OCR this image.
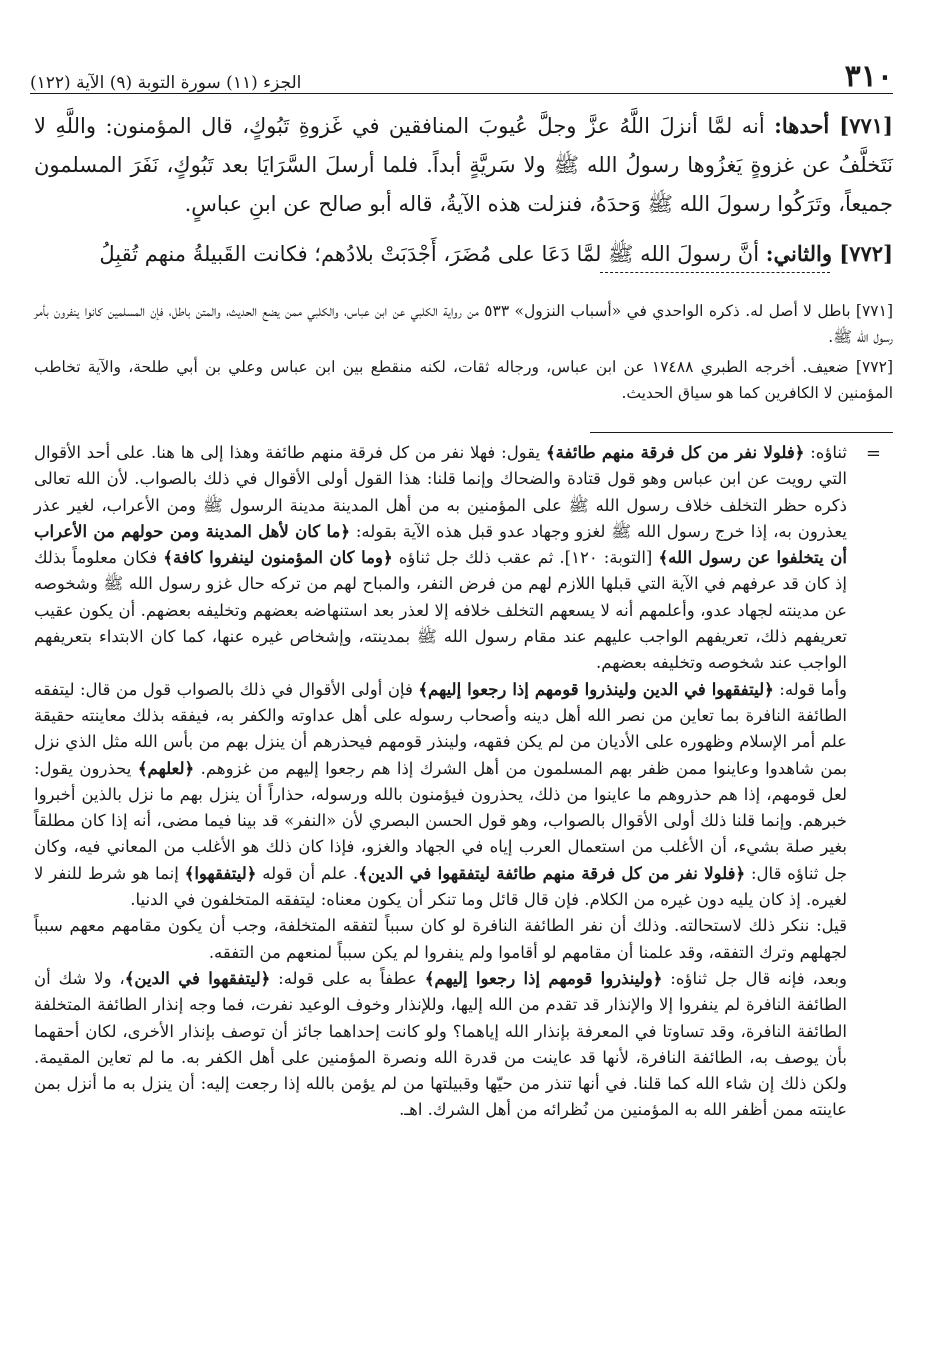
٣١٠
الجزء (١١) سورة التوبة (٩) الآية (١٢٢)

[٧٧١] أحدها: أنه لمَّا أنزلَ اللَّهُ عزَّ وجلَّ عُيوبَ المنافقين في غَزوةِ تَبُوكٍ، قال المؤمنون: واللَّهِ لا نَتَخلَّفُ عن غزوةٍ يَغزُوها رسولُ الله ﷺ ولا سَريَّةٍ أبداً. فلما أرسلَ السَّرَايَا بعد تَبُوكٍ، نَفَرَ المسلمون جميعاً، وتَرَكُوا رسولَ الله ﷺ وَحدَهُ، فنزلت هذه الآيةُ، قاله أبو صالح عن ابنِ عباسٍ.

[٧٧٢] والثاني: أنَّ رسولَ الله ﷺ لمَّا دَعَا على مُضَرَ، أَجْدَبَتْ بلادُهم؛ فكانت القَبيلةُ منهم تُقبِلُ

[٧٧١] باطل لا أصل له. ذكره الواحدي في «أسباب النزول» ٥٣٣ من رواية الكلبي عن ابن عباس، والكلبي ممن يضع الحديث، والمتن باطل، فإن المسلمين كانوا ينفرون بأمر رسول الله ﷺ.

[٧٧٢] ضعيف. أخرجه الطبري ١٧٤٨٨ عن ابن عباس، ورجاله ثقات، لكنه منقطع بين ابن عباس وعلي بن أبي طلحة، والآية تخاطب المؤمنين لا الكافرين كما هو سياق الحديث.

=

ثناؤه: ﴿فلولا نفر من كل فرقة منهم طائفة﴾ يقول: فهلا نفر من كل فرقة منهم طائفة وهذا إلى ها هنا. على أحد الأقوال التي رويت عن ابن عباس وهو قول قتادة والضحاك وإنما قلنا: هذا القول أولى الأقوال في ذلك بالصواب. لأن الله تعالى ذكره حظر التخلف خلاف رسول الله ﷺ على المؤمنين به من أهل المدينة مدينة الرسول ﷺ ومن الأعراب، لغير عذر يعذرون به، إذا خرج رسول الله ﷺ لغزو وجهاد عدو قبل هذه الآية بقوله: ﴿ما كان لأهل المدينة ومن حولهم من الأعراب أن يتخلفوا عن رسول الله﴾ [التوبة: ١٢٠]. ثم عقب ذلك جل ثناؤه ﴿وما كان المؤمنون لينفروا كافة﴾ فكان معلوماً بذلك إذ كان قد عرفهم في الآية التي قبلها اللازم لهم من فرض النفر، والمباح لهم من تركه حال غزو رسول الله ﷺ وشخوصه عن مدينته لجهاد عدو، وأعلمهم أنه لا يسعهم التخلف خلافه إلا لعذر بعد استنهاضه بعضهم وتخليفه بعضهم. أن يكون عقيب تعريفهم ذلك، تعريفهم الواجب عليهم عند مقام رسول الله ﷺ بمدينته، وإشخاص غيره عنها، كما كان الابتداء بتعريفهم الواجب عند شخوصه وتخليفه بعضهم.

وأما قوله: ﴿ليتفقهوا في الدين ولينذروا قومهم إذا رجعوا إليهم﴾ فإن أولى الأقوال في ذلك بالصواب قول من قال: ليتفقه الطائفة النافرة بما تعاين من نصر الله أهل دينه وأصحاب رسوله على أهل عداوته والكفر به، فيفقه بذلك معاينته حقيقة علم أمر الإسلام وظهوره على الأديان من لم يكن فقهه، ولينذر قومهم فيحذرهم أن ينزل بهم من بأس الله مثل الذي نزل بمن شاهدوا وعاينوا ممن ظفر بهم المسلمون من أهل الشرك إذا هم رجعوا إليهم من غزوهم. ﴿لعلهم﴾ يحذرون يقول: لعل قومهم، إذا هم حذروهم ما عاينوا من ذلك، يحذرون فيؤمنون بالله ورسوله، حذاراً أن ينزل بهم ما نزل بالذين أخبروا خبرهم. وإنما قلنا ذلك أولى الأقوال بالصواب، وهو قول الحسن البصري لأن «النفر» قد بينا فيما مضى، أنه إذا كان مطلقاً بغير صلة بشيء، أن الأغلب من استعمال العرب إياه في الجهاد والغزو، فإذا كان ذلك هو الأغلب من المعاني فيه، وكان جل ثناؤه قال: ﴿فلولا نفر من كل فرقة منهم طائفة ليتفقهوا في الدين﴾. علم أن قوله ﴿ليتفقهوا﴾ إنما هو شرط للنفر لا لغيره. إذ كان يليه دون غيره من الكلام. فإن قال قائل وما تنكر أن يكون معناه: ليتفقه المتخلفون في الدنيا.

قيل: ننكر ذلك لاستحالته. وذلك أن نفر الطائفة النافرة لو كان سبباً لتفقه المتخلفة، وجب أن يكون مقامهم معهم سبباً لجهلهم وترك التفقه، وقد علمنا أن مقامهم لو أقاموا ولم ينفروا لم يكن سبباً لمنعهم من التفقه.

وبعد، فإنه قال جل ثناؤه: ﴿ولينذروا قومهم إذا رجعوا إليهم﴾ عطفاً به على قوله: ﴿ليتفقهوا في الدين﴾، ولا شك أن الطائفة النافرة لم ينفروا إلا والإنذار قد تقدم من الله إليها، وللإنذار وخوف الوعيد نفرت، فما وجه إنذار الطائفة المتخلفة الطائفة النافرة، وقد تساوتا في المعرفة بإنذار الله إياهما؟ ولو كانت إحداهما جائز أن توصف بإنذار الأخرى، لكان أحقهما بأن يوصف به، الطائفة النافرة، لأنها قد عاينت من قدرة الله ونصرة المؤمنين على أهل الكفر به. ما لم تعاين المقيمة. ولكن ذلك إن شاء الله كما قلنا. في أنها تنذر من حيّها وقبيلتها من لم يؤمن بالله إذا رجعت إليه: أن ينزل به ما أنزل بمن عاينته ممن أظفر الله به المؤمنين من نُظرائه من أهل الشرك. اهـ.
